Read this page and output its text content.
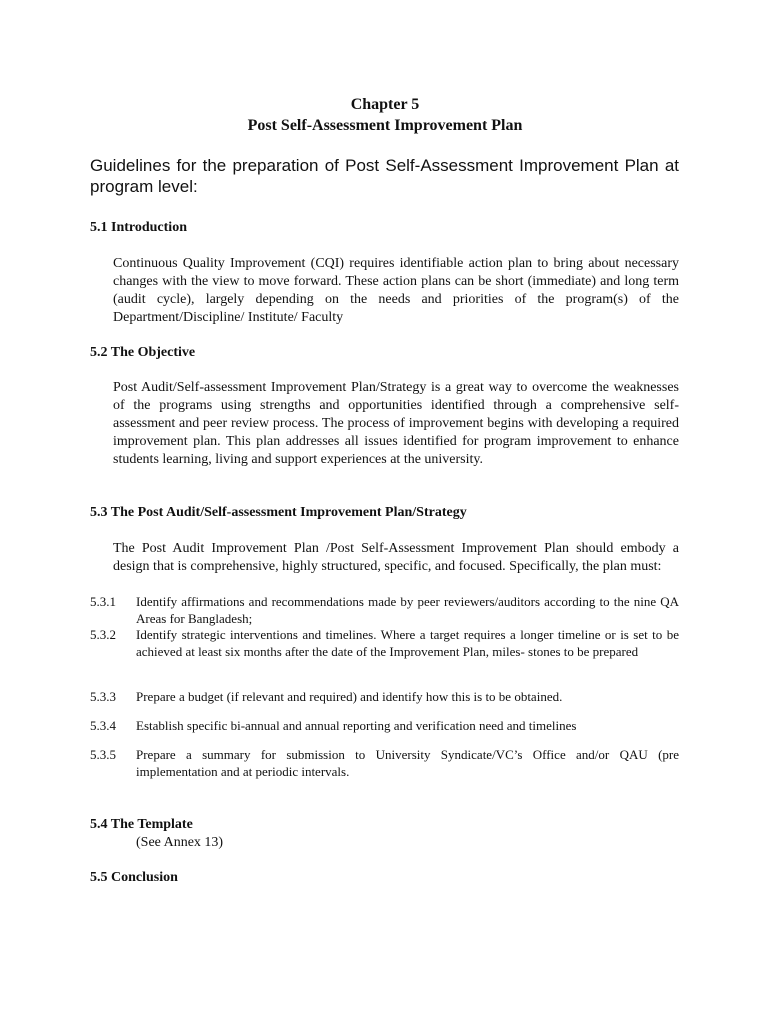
Chapter 5
Post Self-Assessment Improvement Plan
Guidelines for the preparation of Post Self-Assessment Improvement Plan at program level:
5.1 Introduction
Continuous Quality Improvement (CQI) requires identifiable action plan to bring about necessary changes with the view to move forward. These action plans can be short (immediate) and long term (audit cycle), largely depending on the needs and priorities of the program(s) of the Department/Discipline/ Institute/ Faculty
5.2 The Objective
Post Audit/Self-assessment Improvement Plan/Strategy is a great way to overcome the weaknesses of the programs using strengths and opportunities identified through a comprehensive self-assessment and peer review process. The process of improvement begins with developing a required improvement plan. This plan addresses all issues identified for program improvement to enhance students learning, living and support experiences at the university.
5.3 The Post Audit/Self-assessment Improvement Plan/Strategy
The Post Audit Improvement Plan /Post Self-Assessment Improvement Plan should embody a design that is comprehensive, highly structured, specific, and focused. Specifically, the plan must:
5.3.1	Identify affirmations and recommendations made by peer reviewers/auditors according to the nine QA Areas for Bangladesh;
5.3.2	Identify strategic interventions and timelines. Where a target requires a longer timeline or is set to be achieved at least six months after the date of the Improvement Plan, miles- stones to be prepared
5.3.3	Prepare a budget (if relevant and required) and identify how this is to be obtained.
5.3.4	Establish specific bi-annual and annual reporting and verification need and timelines
5.3.5	Prepare a summary for submission to University Syndicate/VC’s Office and/or QAU (pre implementation and at periodic intervals.
5.4 The Template
(See Annex 13)
5.5 Conclusion
